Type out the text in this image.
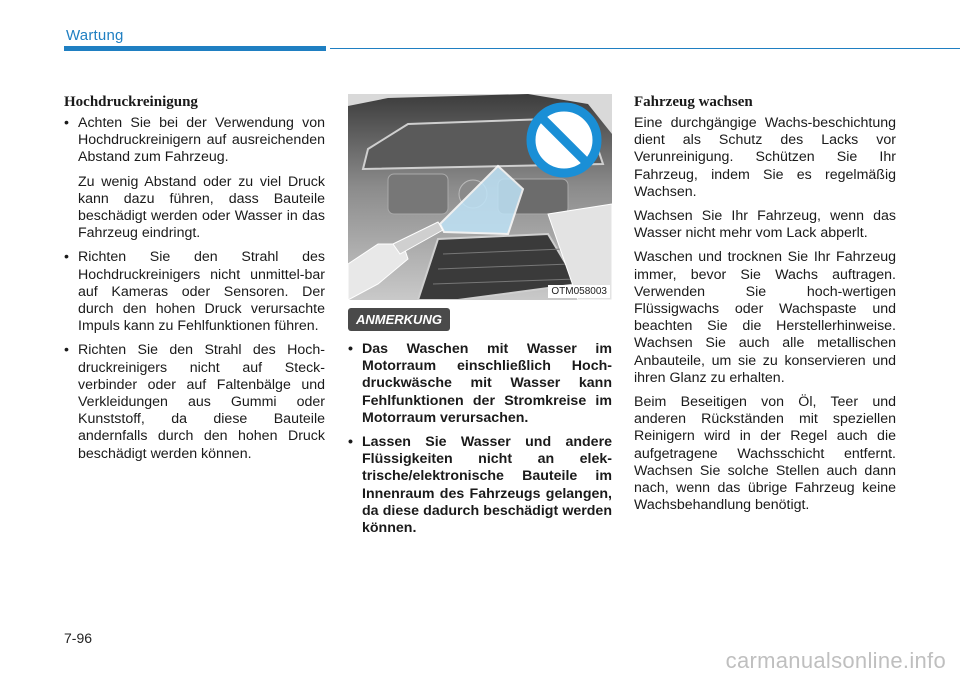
Wartung
Hochdruckreinigung
• Achten Sie bei der Verwendung von Hochdruckreinigern auf ausreichenden Abstand zum Fahrzeug.
Zu wenig Abstand oder zu viel Druck kann dazu führen, dass Bauteile beschädigt werden oder Wasser in das Fahrzeug eindringt.
• Richten Sie den Strahl des Hochdruckreinigers nicht unmittel-bar auf Kameras oder Sensoren. Der durch den hohen Druck verursachte Impuls kann zu Fehlfunktionen führen.
• Richten Sie den Strahl des Hoch-druckreinigers nicht auf Steck-verbinder oder auf Faltenbälge und Verkleidungen aus Gummi oder Kunststoff, da diese Bauteile andernfalls durch den hohen Druck beschädigt werden können.
OTM058003
ANMERKUNG
• Das Waschen mit Wasser im Motorraum einschließlich Hoch-druckwäsche mit Wasser kann Fehlfunktionen der Stromkreise im Motorraum verursachen.
• Lassen Sie Wasser und andere Flüssigkeiten nicht an elek-trische/elektronische Bauteile im Innenraum des Fahrzeugs gelangen, da diese dadurch beschädigt werden können.
Fahrzeug wachsen

Eine durchgängige Wachs-beschichtung dient als Schutz des Lacks vor Verunreinigung. Schützen Sie Ihr Fahrzeug, indem Sie es regelmäßig Wachsen.

Wachsen Sie Ihr Fahrzeug, wenn das Wasser nicht mehr vom Lack abperlt.

Waschen und trocknen Sie Ihr Fahrzeug immer, bevor Sie Wachs auftragen. Verwenden Sie hoch-wertigen Flüssigwachs oder Wachspaste und beachten Sie die Herstellerhinweise. Wachsen Sie auch alle metallischen Anbauteile, um sie zu konservieren und ihren Glanz zu erhalten.

Beim Beseitigen von Öl, Teer und anderen Rückständen mit speziellen Reinigern wird in der Regel auch die aufgetragene Wachsschicht entfernt. Wachsen Sie solche Stellen auch dann nach, wenn das übrige Fahrzeug keine Wachsbehandlung benötigt.

7-96
carmanualsonline.info
